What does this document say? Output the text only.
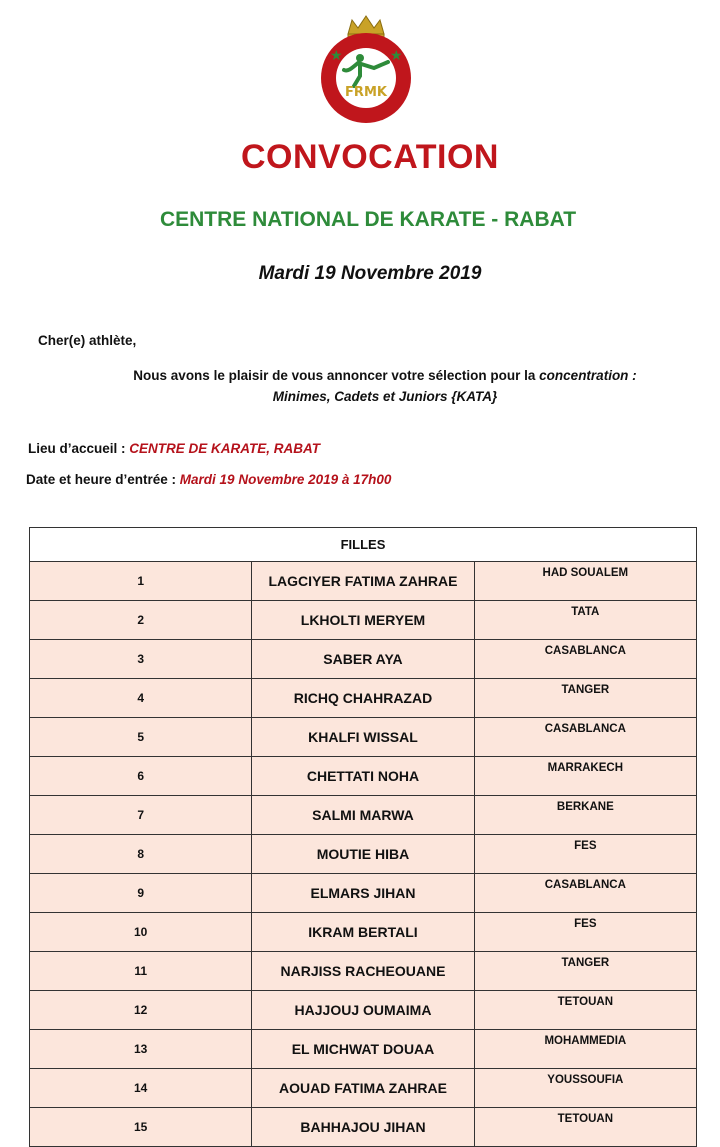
★	★
FRMK
CONVOCATION
CENTRE NATIONAL DE KARATE - RABAT
Mardi 19 Novembre 2019
Cher(e) athlète,
Nous avons le plaisir de vous annoncer votre sélection pour la concentration :
Minimes, Cadets et Juniors {KATA}
Lieu d’accueil : CENTRE DE KARATE, RABAT
Date et heure d’entrée : Mardi 19 Novembre 2019 à 17h00
FILLES		
1	LAGCIYER FATIMA ZAHRAE	HAD SOUALEM
2	LKHOLTI MERYEM	TATA
3	SABER AYA	CASABLANCA
4	RICHQ CHAHRAZAD	TANGER
5	KHALFI WISSAL	CASABLANCA
6	CHETTATI NOHA	MARRAKECH
7	SALMI MARWA	BERKANE
8	MOUTIE HIBA	FES
9	ELMARS JIHAN	CASABLANCA
10	IKRAM BERTALI	FES
11	NARJISS RACHEOUANE	TANGER
12	HAJJOUJ OUMAIMA	TETOUAN
13	EL MICHWAT DOUAA	MOHAMMEDIA
14	AOUAD FATIMA ZAHRAE	YOUSSOUFIA
15	BAHHAJOU JIHAN	TETOUAN
